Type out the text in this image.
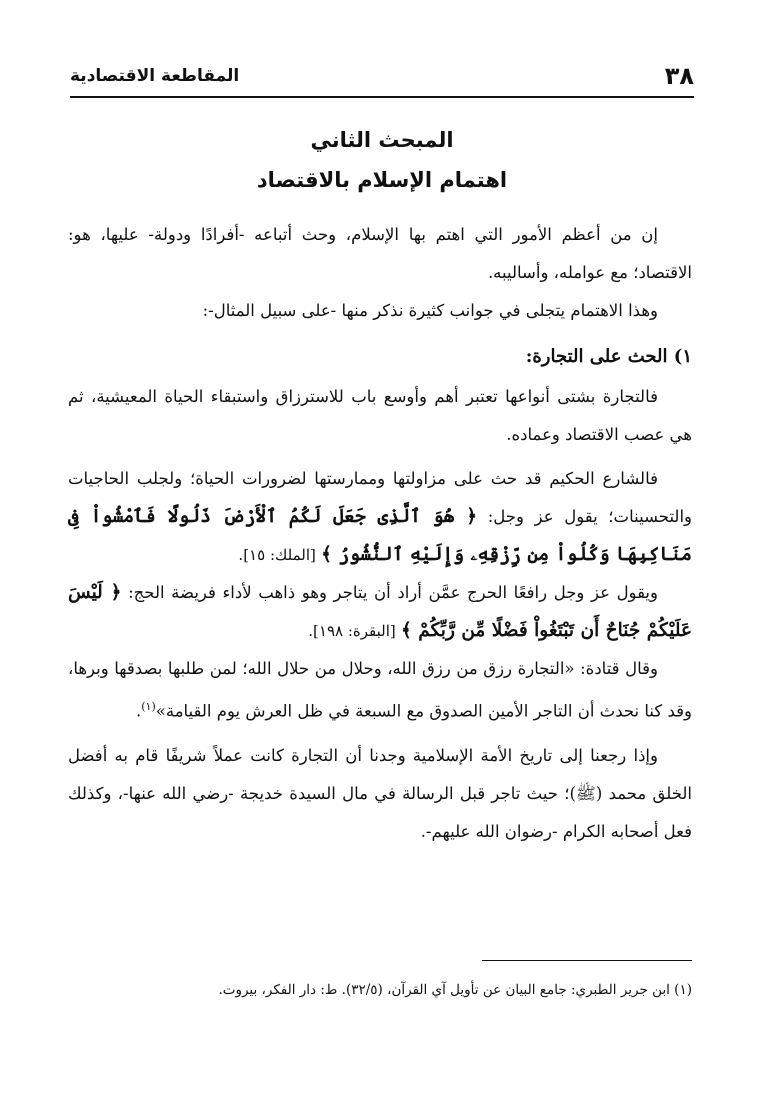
٣٨
المقاطعة الاقتصادية
المبحث الثاني
اهتمام الإسلام بالاقتصاد

إن من أعظم الأمور التي اهتم بها الإسلام، وحث أتباعه -أفرادًا ودولة- عليها، هو: الاقتصاد؛ مع عوامله، وأساليبه.

وهذا الاهتمام يتجلى في جوانب كثيرة نذكر منها -على سبيل المثال-:

١) الحث على التجارة:

فالتجارة بشتى أنواعها تعتبر أهم وأوسع باب للاسترزاق واستبقاء الحياة المعيشية، ثم هي عصب الاقتصاد وعماده.

فالشارع الحكيم قد حث على مزاولتها وممارستها لضرورات الحياة؛ ولجلب الحاجيات والتحسينات؛ يقول عز وجل: ﴿ هُوَ ٱلَّذِى جَعَلَ لَكُمُ ٱلْأَرْضَ ذَلُولًا فَٱمْشُواْ فِى مَنَاكِبِهَا وَكُلُواْ مِن رِّزْقِهِۦ وَإِلَيْهِ ٱلنُّشُورُ ﴾ [الملك: ١٥].

ويقول عز وجل رافعًا الحرج عمَّن أراد أن يتاجر وهو ذاهب لأداء فريضة الحج: ﴿ لَيْسَ عَلَيْكُمْ جُنَاحٌ أَن تَبْتَغُواْ فَضْلًا مِّن رَّبِّكُمْ ﴾ [البقرة: ١٩٨].

وقال قتادة: «التجارة رزق من رزق الله، وحلال من حلال الله؛ لمن طلبها بصدقها وبرها، وقد كنا نحدث أن التاجر الأمين الصدوق مع السبعة في ظل العرش يوم القيامة»$^{(١)}$.

وإذا رجعنا إلى تاريخ الأمة الإسلامية وجدنا أن التجارة كانت عملاً شريفًا قام به أفضل الخلق محمد (ﷺ)؛ حيث تاجر قبل الرسالة في مال السيدة خديجة -رضي الله عنها-، وكذلك فعل أصحابه الكرام -رضوان الله عليهم-.

(١) ابن جرير الطبري: جامع البيان عن تأويل آي القرآن، (٣٢/٥). ط: دار الفكر، بيروت.
